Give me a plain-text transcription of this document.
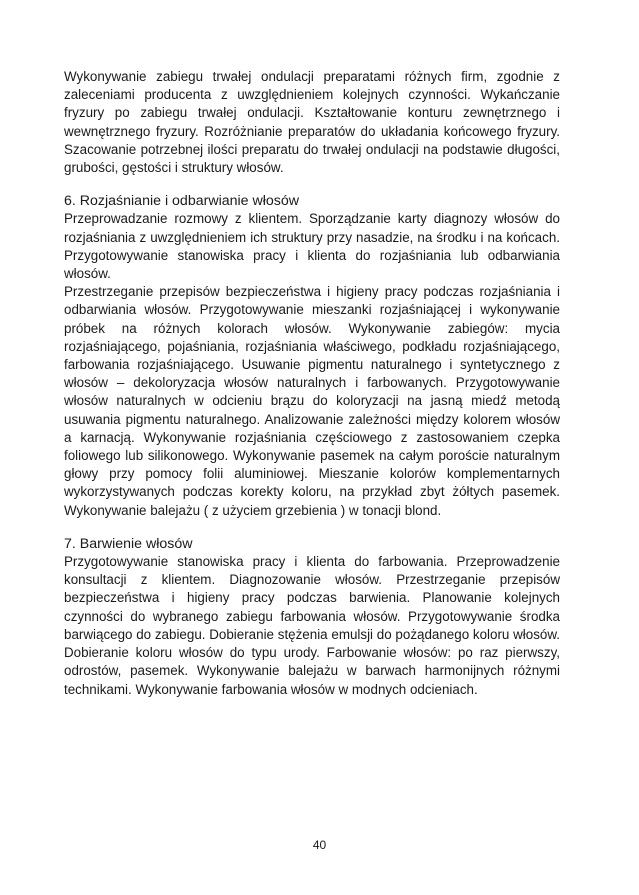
Wykonywanie zabiegu trwałej ondulacji preparatami różnych firm, zgodnie z zaleceniami producenta z uwzględnieniem kolejnych czynności. Wykańczanie fryzury po zabiegu trwałej ondulacji. Kształtowanie konturu zewnętrznego i wewnętrznego fryzury. Rozróżnianie preparatów do układania końcowego fryzury. Szacowanie potrzebnej ilości preparatu do trwałej ondulacji na podstawie długości, grubości, gęstości i struktury włosów.

6. Rozjaśnianie i odbarwianie włosów

Przeprowadzanie rozmowy z klientem. Sporządzanie karty diagnozy włosów do rozjaśniania z uwzględnieniem ich struktury przy nasadzie, na środku i na końcach. Przygotowywanie stanowiska pracy i klienta do rozjaśniania lub odbarwiania włosów.

Przestrzeganie przepisów bezpieczeństwa i higieny pracy podczas rozjaśniania i odbarwiania włosów. Przygotowywanie mieszanki rozjaśniającej i wykonywanie próbek na różnych kolorach włosów. Wykonywanie zabiegów: mycia rozjaśniającego, pojaśniania, rozjaśniania właściwego, podkładu rozjaśniającego, farbowania rozjaśniającego. Usuwanie pigmentu naturalnego i syntetycznego z włosów – dekoloryzacja włosów naturalnych i farbowanych. Przygotowywanie włosów naturalnych w odcieniu brązu do koloryzacji na jasną miedź metodą usuwania pigmentu naturalnego. Analizowanie zależności między kolorem włosów a karnacją. Wykonywanie rozjaśniania częściowego z zastosowaniem czepka foliowego lub silikonowego. Wykonywanie pasemek na całym poroście naturalnym głowy przy pomocy folii aluminiowej. Mieszanie kolorów komplementarnych wykorzystywanych podczas korekty koloru, na przykład zbyt żółtych pasemek. Wykonywanie balejażu ( z użyciem grzebienia ) w tonacji blond.

7. Barwienie włosów

Przygotowywanie stanowiska pracy i klienta do farbowania. Przeprowadzenie konsultacji z klientem. Diagnozowanie włosów. Przestrzeganie przepisów bezpieczeństwa i higieny pracy podczas barwienia. Planowanie kolejnych czynności do wybranego zabiegu farbowania włosów. Przygotowywanie środka barwiącego do zabiegu. Dobieranie stężenia emulsji do pożądanego koloru włosów. Dobieranie koloru włosów do typu urody. Farbowanie włosów: po raz pierwszy, odrostów, pasemek. Wykonywanie balejażu w barwach harmonijnych różnymi technikami. Wykonywanie farbowania włosów w modnych odcieniach.

40
